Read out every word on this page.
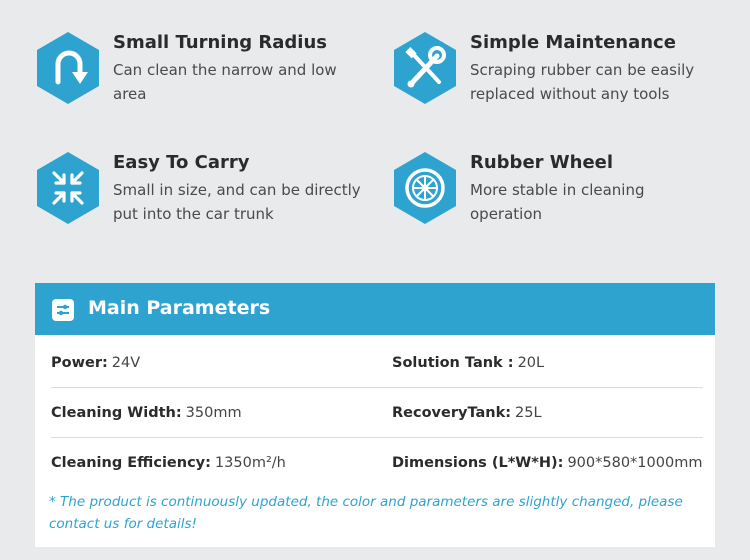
Small Turning Radius
Can clean the narrow and low area
Simple Maintenance
Scraping rubber can be easily replaced without any tools
Easy To Carry
Small in size, and can be directly put into the car trunk
Rubber Wheel
More stable in cleaning operation
Main Parameters
Power: 24V	Solution Tank : 20L
Cleaning Width: 350mm	RecoveryTank: 25L
Cleaning Efficiency: 1350m²/h	Dimensions (L*W*H): 900*580*1000mm
* The product is continuously updated, the color and parameters are slightly changed, please contact us for details!
